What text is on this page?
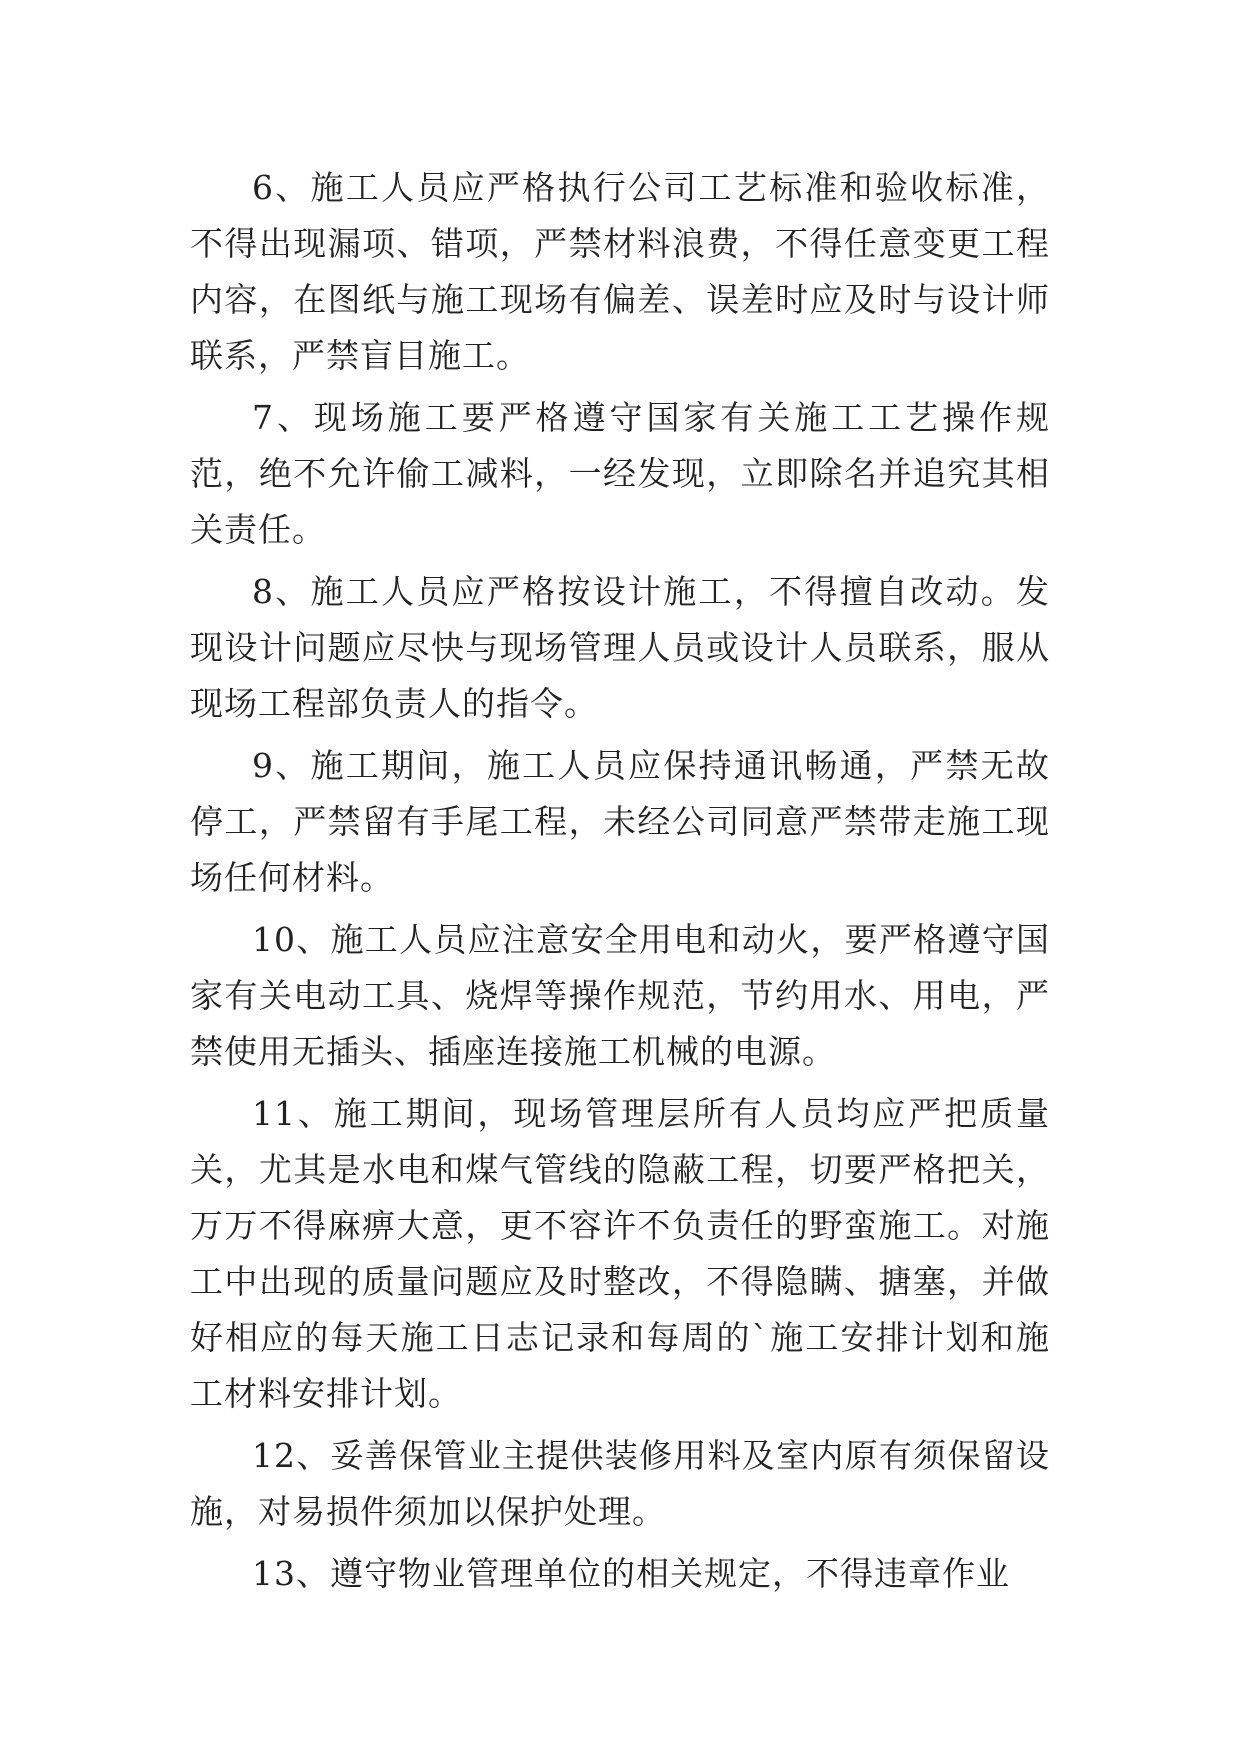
6、施工人员应严格执行公司工艺标准和验收标准，不得出现漏项、错项，严禁材料浪费，不得任意变更工程内容，在图纸与施工现场有偏差、误差时应及时与设计师联系，严禁盲目施工。

7、现场施工要严格遵守国家有关施工工艺操作规范，绝不允许偷工减料，一经发现，立即除名并追究其相关责任。

8、施工人员应严格按设计施工，不得擅自改动。发现设计问题应尽快与现场管理人员或设计人员联系，服从现场工程部负责人的指令。

9、施工期间，施工人员应保持通讯畅通，严禁无故停工，严禁留有手尾工程，未经公司同意严禁带走施工现场任何材料。

10、施工人员应注意安全用电和动火，要严格遵守国家有关电动工具、烧焊等操作规范，节约用水、用电，严禁使用无插头、插座连接施工机械的电源。

11、施工期间，现场管理层所有人员均应严把质量关，尤其是水电和煤气管线的隐蔽工程，切要严格把关，万万不得麻痹大意，更不容许不负责任的野蛮施工。对施工中出现的质量问题应及时整改，不得隐瞒、搪塞，并做好相应的每天施工日志记录和每周的`施工安排计划和施工材料安排计划。

12、妥善保管业主提供装修用料及室内原有须保留设施，对易损件须加以保护处理。

13、遵守物业管理单位的相关规定，不得违章作业
